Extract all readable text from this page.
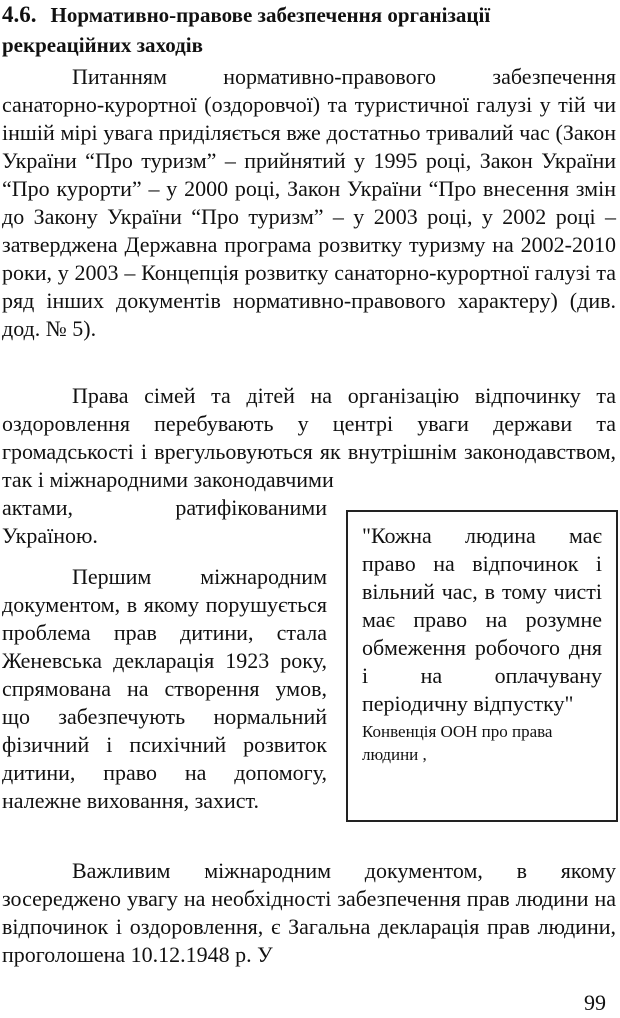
4.6. Нормативно-правове забезпечення організації рекреаційних заходів

Питанням нормативно-правового забезпечення санаторно-курортної (оздоровчої) та туристичної галузі у тій чи іншій мірі увага приділяється вже достатньо тривалий час (Закон України “Про туризм” – прийнятий у 1995 році, Закон України “Про курорти” – у 2000 році, Закон України “Про внесення змін до Закону України “Про туризм” – у 2003 році, у 2002 році – затверджена Державна програма розвитку туризму на 2002-2010 роки, у 2003 – Концепція розвитку санаторно-курортної галузі та ряд інших документів нормативно-правового характеру) (див. дод. № 5).

Права сімей та дітей на організацію відпочинку та оздоровлення перебувають у центрі уваги держави та громадськості і врегульовуються як внутрішнім законодавством, так і міжнародними законодавчими
актами, ратифікованими Україною.

Першим міжнародним документом, в якому порушується проблема прав дитини, стала Женевська декларація 1923 року, спрямована на створення умов, що забезпечують нормальний фізичний і психічний розвиток дитини, право на допомогу, належне виховання, захист.

"Кожна людина має право на відпочинок і вільний час, в тому чисті має право на розумне обмеження робочого дня і на оплачувану періодичну відпустку"

Конвенція ООН про права людини ,

Важливим міжнародним документом, в якому зосереджено увагу на необхідності забезпечення прав людини на відпочинок і оздоровлення, є Загальна декларація прав людини, проголошена 10.12.1948 р. У

99
